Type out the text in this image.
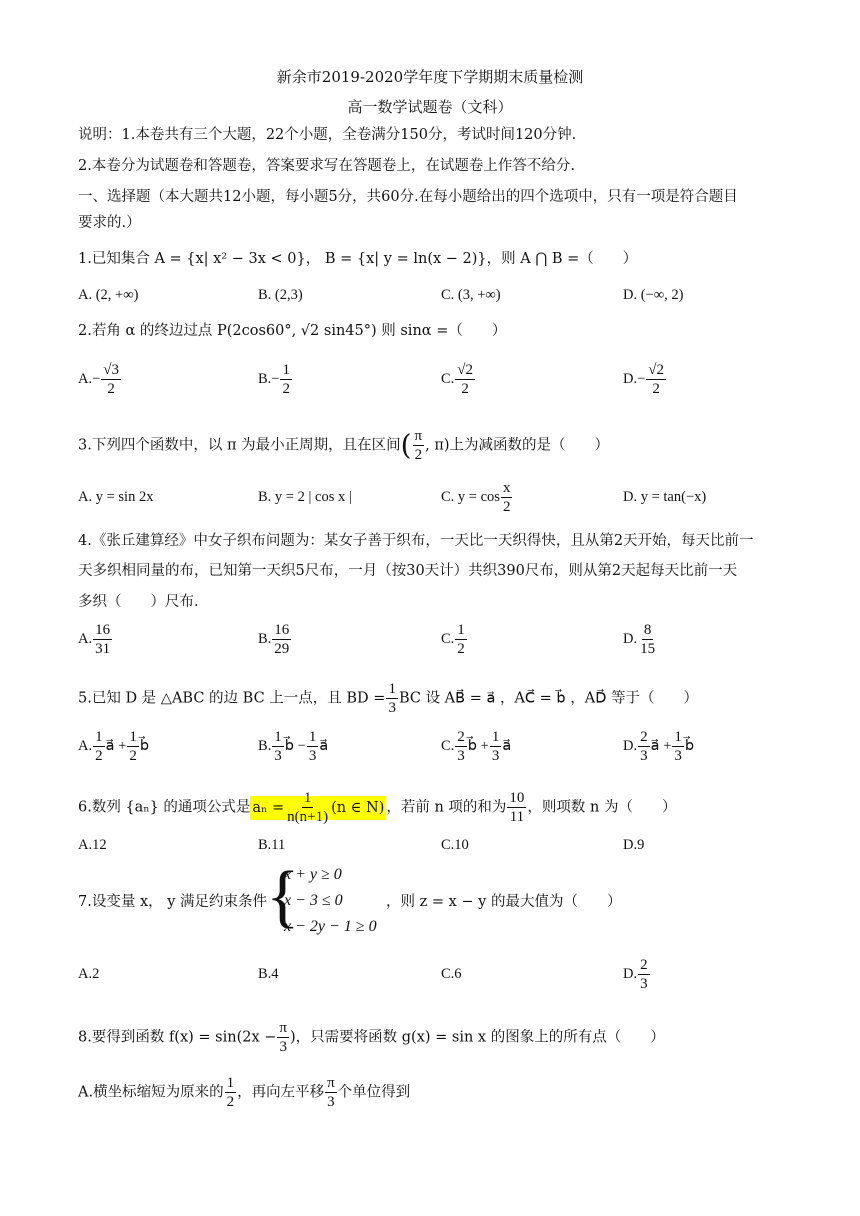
新余市2019-2020学年度下学期期末质量检测
高一数学试题卷（文科）
说明：1.本卷共有三个大题，22个小题，全卷满分150分，考试时间120分钟.
2.本卷分为试题卷和答题卷，答案要求写在答题卷上，在试题卷上作答不给分.
一、选择题（本大题共12小题，每小题5分，共60分.在每小题给出的四个选项中，只有一项是符合题目
要求的.）
1.已知集合 A = {x| x² − 3x < 0}， B = {x| y = ln(x − 2)}，则 A ⋂ B =（　　）
A. (2, +∞)	B. (2,3)	C. (3, +∞)	D. (−∞, 2)
2.若角 α 的终边过点 P(2cos60°, √2 sin45°) 则 sinα =（　　）
$A.- \frac{√3}{2}$	$B.- \frac{1}{2}$	C. $\frac{√2}{2}$	$D.- \frac{√2}{2}$
3.下列四个函数中，以 π 为最小正周期，且在区间( $\frac{\pi}{2}$ , π)上为减函数的是（　　）
A. y = sin 2x	B. y = 2 | cos x |	C. $y = \cos \frac{x}{2}$	D. y = tan(−x)
4.《张丘建算经》中女子织布问题为：某女子善于织布，一天比一天织得快，且从第2天开始，每天比前一
天多织相同量的布，已知第一天织5尺布，一月（按30天计）共织390尺布，则从第2天起每天比前一天
多织（　　）尺布.
A. $\frac{16}{31}$	B. $\frac{16}{29}$	C. $\frac{1}{2}$	D. $\frac{8}{15}$
5.已知 D 是 △ABC 的边 BC 上一点，且 BD = $\frac{1}{3}$ BC 设 AB⃗ = a⃗ ，AC⃗ = b⃗ ，AD⃗ 等于（　　）
A. $\frac{1}{2}$ a⃗ + $\frac{1}{2}$ b⃗	B. $\frac{1}{3}$ b⃗ − $\frac{1}{3}$ a⃗	C. $\frac{2}{3}$ b⃗ + $\frac{1}{3}$ a⃗	D. $\frac{2}{3}$ a⃗ + $\frac{1}{3}$ b⃗
6.数列 {aₙ} 的通项公式是 $a_n = \frac{1}{n(n+1)} (n$ ∈ N) ，若前 n 项的和为 $\frac{10}{11}$ ，则项数 n 为（　　）
A.12	B.11	C.10	D.9
7.设变量 x， y 满足约束条件
{
x + y ≥ 0
x − 3 ≤ 0
x − 2y − 1 ≥ 0
，则 z = x − y 的最大值为（　　）
A.2	B.4	C.6	D. $\frac{2}{3}$
8.要得到函数 $f(x) = \sin(2x - \frac{\pi}{3}$ )，只需要将函数 g(x) = sin x 的图象上的所有点（　　）
A.横坐标缩短为原来的 $\frac{1}{2}$ ，再向左平移 $\frac{\pi}{3}$ 个单位得到
